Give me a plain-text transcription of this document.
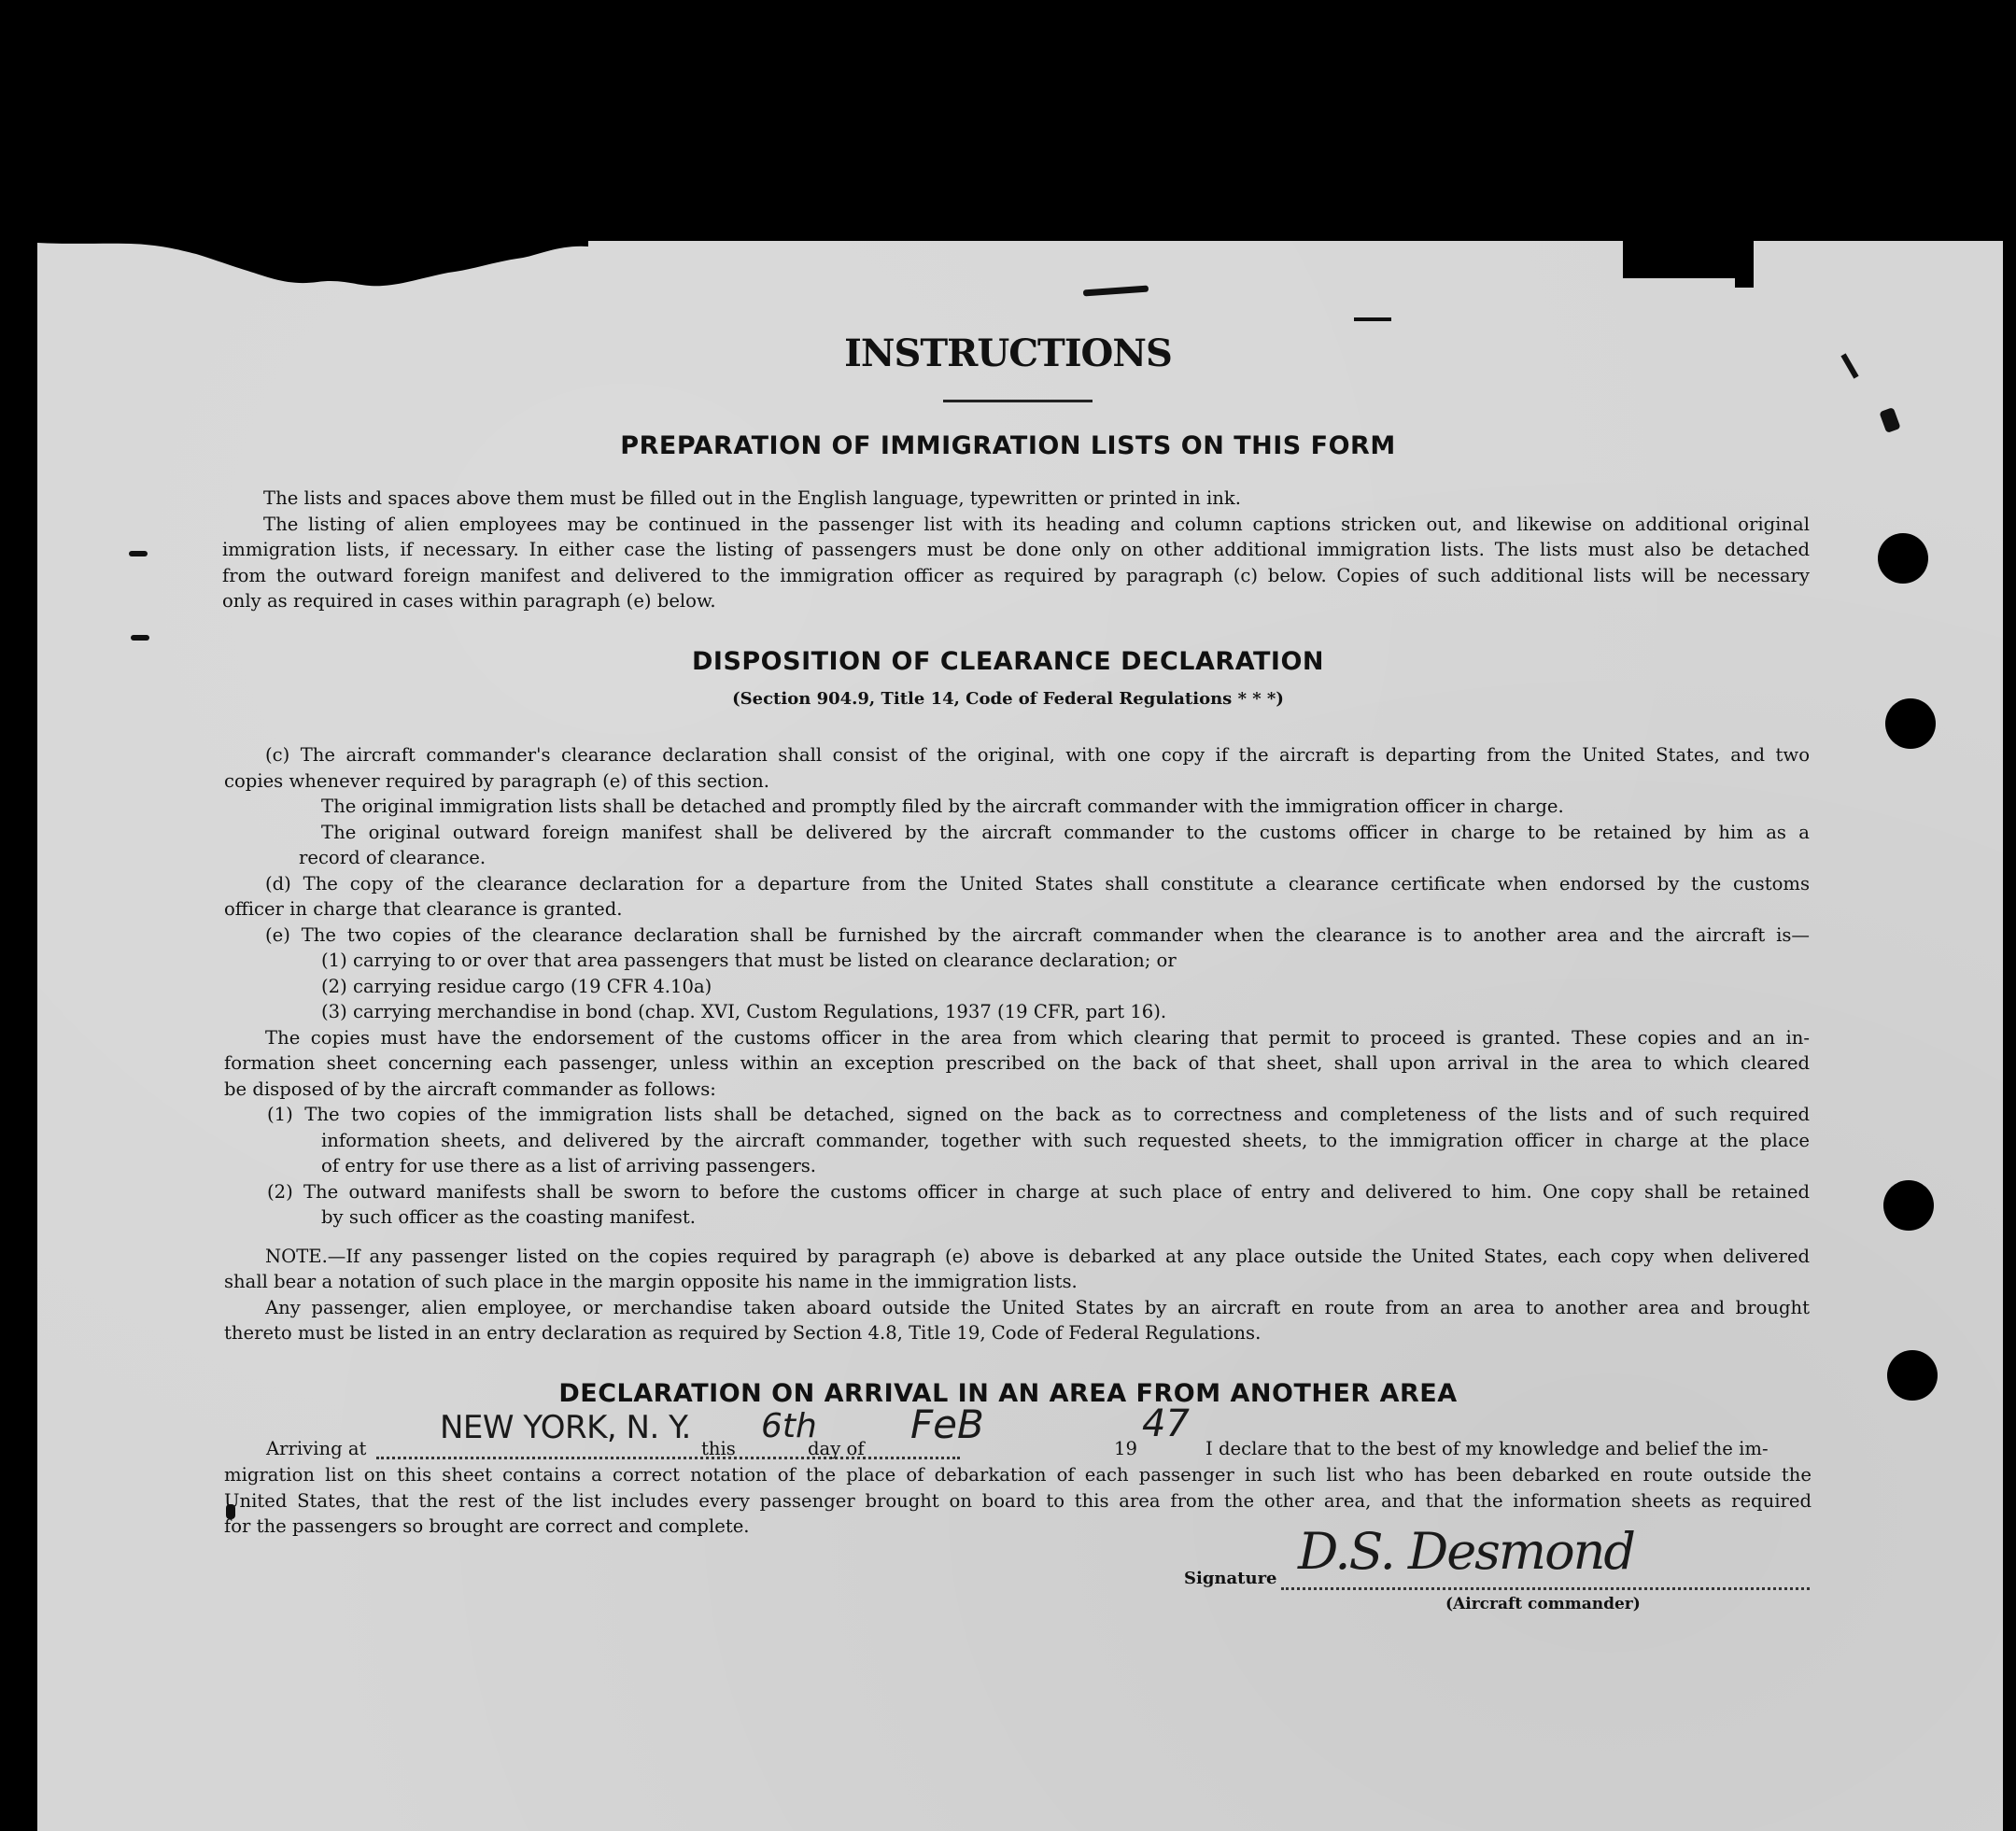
INSTRUCTIONS
PREPARATION OF IMMIGRATION LISTS ON THIS FORM
The lists and spaces above them must be filled out in the English language, typewritten or printed in ink.
The listing of alien employees may be continued in the passenger list with its heading and column captions stricken out, and likewise on additional original
immigration lists, if necessary. In either case the listing of passengers must be done only on other additional immigration lists. The lists must also be detached
from the outward foreign manifest and delivered to the immigration officer as required by paragraph (c) below. Copies of such additional lists will be necessary
only as required in cases within paragraph (e) below.
DISPOSITION OF CLEARANCE DECLARATION
(Section 904.9, Title 14, Code of Federal Regulations * * *)
(c) The aircraft commander's clearance declaration shall consist of the original, with one copy if the aircraft is departing from the United States, and two
copies whenever required by paragraph (e) of this section.
The original immigration lists shall be detached and promptly filed by the aircraft commander with the immigration officer in charge.
The original outward foreign manifest shall be delivered by the aircraft commander to the customs officer in charge to be retained by him as a
record of clearance.
(d) The copy of the clearance declaration for a departure from the United States shall constitute a clearance certificate when endorsed by the customs
officer in charge that clearance is granted.
(e) The two copies of the clearance declaration shall be furnished by the aircraft commander when the clearance is to another area and the aircraft is—
(1) carrying to or over that area passengers that must be listed on clearance declaration; or
(2) carrying residue cargo (19 CFR 4.10a)
(3) carrying merchandise in bond (chap. XVI, Custom Regulations, 1937 (19 CFR, part 16).
The copies must have the endorsement of the customs officer in the area from which clearing that permit to proceed is granted. These copies and an in-
formation sheet concerning each passenger, unless within an exception prescribed on the back of that sheet, shall upon arrival in the area to which cleared
be disposed of by the aircraft commander as follows:
(1) The two copies of the immigration lists shall be detached, signed on the back as to correctness and completeness of the lists and of such required
information sheets, and delivered by the aircraft commander, together with such requested sheets, to the immigration officer in charge at the place
of entry for use there as a list of arriving passengers.
(2) The outward manifests shall be sworn to before the customs officer in charge at such place of entry and delivered to him. One copy shall be retained
by such officer as the coasting manifest.
NOTE.—If any passenger listed on the copies required by paragraph (e) above is debarked at any place outside the United States, each copy when delivered
shall bear a notation of such place in the margin opposite his name in the immigration lists.
Any passenger, alien employee, or merchandise taken aboard outside the United States by an aircraft en route from an area to another area and brought
thereto must be listed in an entry declaration as required by Section 4.8, Title 19, Code of Federal Regulations.
DECLARATION ON ARRIVAL IN AN AREA FROM ANOTHER AREA
Arriving at
NEW YORK, N. Y.
this
6th
day of
FeB
19
47
I declare that to the best of my knowledge and belief the im-
migration list on this sheet contains a correct notation of the place of debarkation of each passenger in such list who has been debarked en route outside the
United States, that the rest of the list includes every passenger brought on board to this area from the other area, and that the information sheets as required
for the passengers so brought are correct and complete.
Signature D.S. Desmond
(Aircraft commander)
